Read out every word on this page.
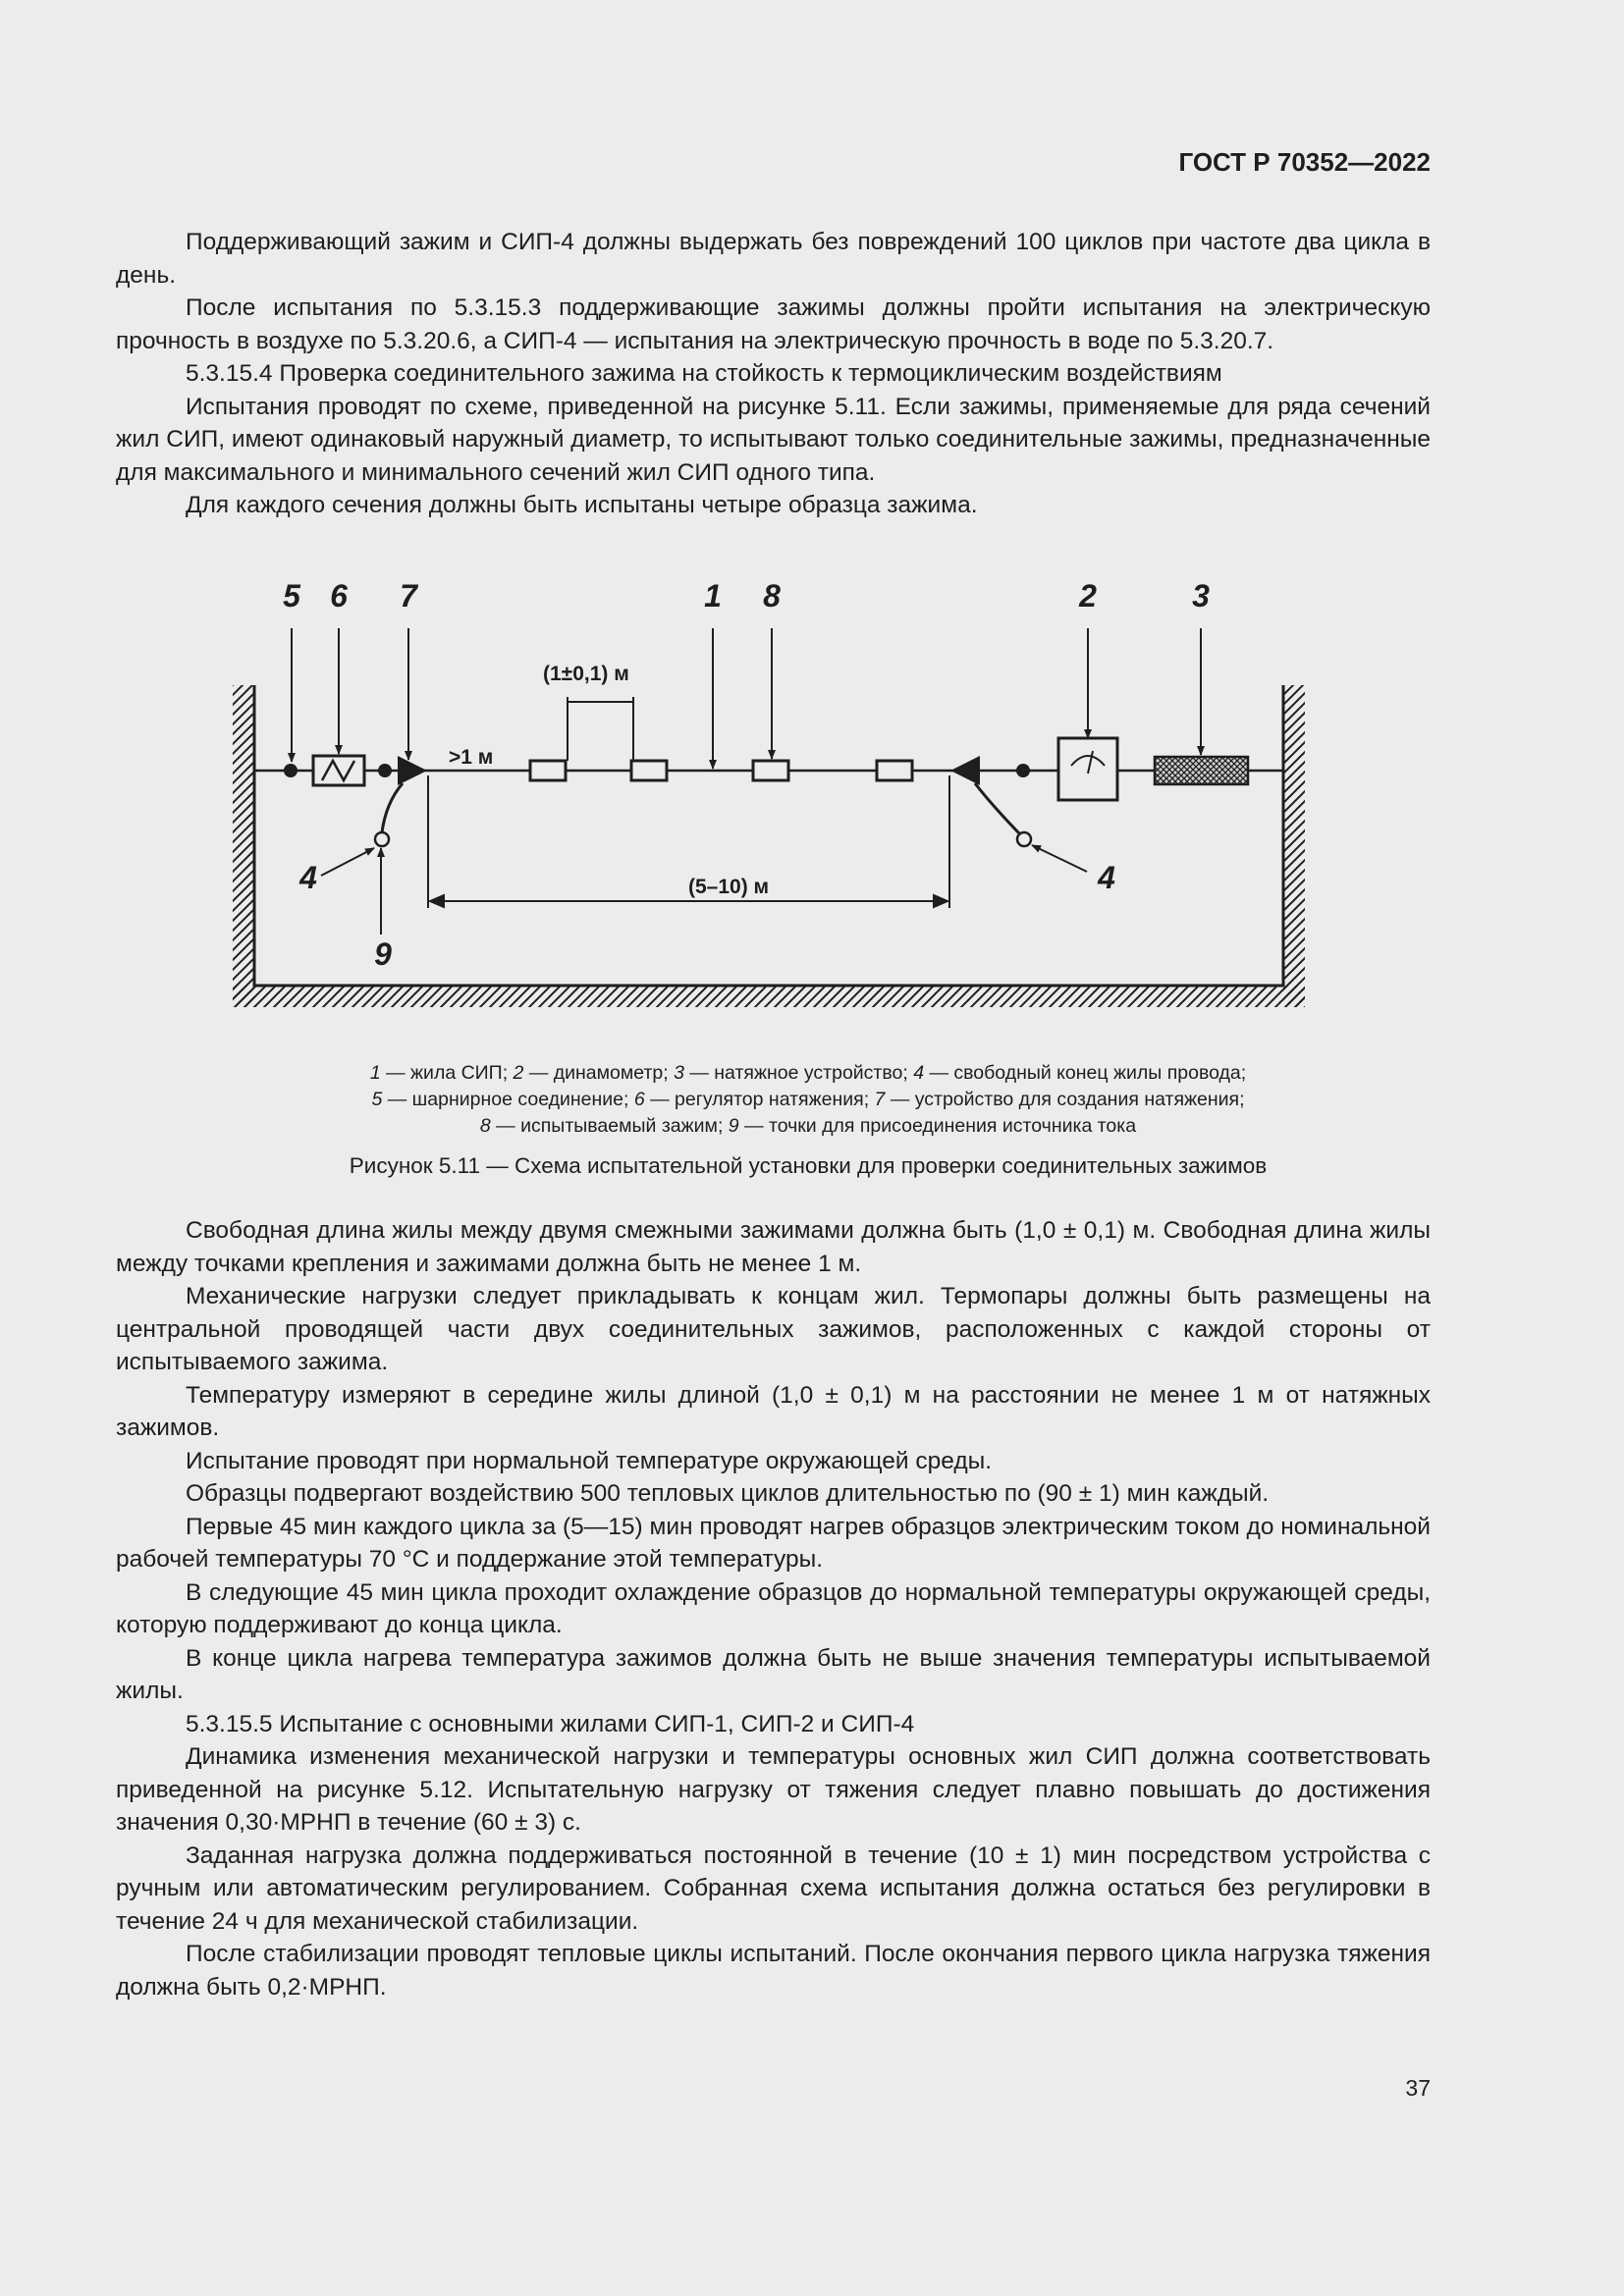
ГОСТ Р 70352—2022

Поддерживающий зажим и СИП-4 должны выдержать без повреждений 100 циклов при частоте два цикла в день.

После испытания по 5.3.15.3 поддерживающие зажимы должны пройти испытания на электрическую прочность в воздухе по 5.3.20.6, а СИП-4 — испытания на электрическую прочность в воде по 5.3.20.7.

5.3.15.4 Проверка соединительного зажима на стойкость к термоциклическим воздействиям

Испытания проводят по схеме, приведенной на рисунке 5.11. Если зажимы, применяемые для ряда сечений жил СИП, имеют одинаковый наружный диаметр, то испытывают только соединительные зажимы, предназначенные для максимального и минимального сечений жил СИП одного типа.

Для каждого сечения должны быть испытаны четыре образца зажима.

(1±0,1) м
>1 м
(5–10) м
5 6 7	1 8	2	3
4	4
9
1 — жила СИП; 2 — динамометр; 3 — натяжное устройство; 4 — свободный конец жилы провода;
5 — шарнирное соединение; 6 — регулятор натяжения; 7 — устройство для создания натяжения;
8 — испытываемый зажим; 9 — точки для присоединения источника тока
Рисунок 5.11 — Схема испытательной установки для проверки соединительных зажимов

Свободная длина жилы между двумя смежными зажимами должна быть (1,0 ± 0,1) м. Свободная длина жилы между точками крепления и зажимами должна быть не менее 1 м.

Механические нагрузки следует прикладывать к концам жил. Термопары должны быть размещены на центральной проводящей части двух соединительных зажимов, расположенных с каждой стороны от испытываемого зажима.

Температуру измеряют в середине жилы длиной (1,0 ± 0,1) м на расстоянии не менее 1 м от натяжных зажимов.

Испытание проводят при нормальной температуре окружающей среды.

Образцы подвергают воздействию 500 тепловых циклов длительностью по (90 ± 1) мин каждый.

Первые 45 мин каждого цикла за (5—15) мин проводят нагрев образцов электрическим током до номинальной рабочей температуры 70 °С и поддержание этой температуры.

В следующие 45 мин цикла проходит охлаждение образцов до нормальной температуры окружающей среды, которую поддерживают до конца цикла.

В конце цикла нагрева температура зажимов должна быть не выше значения температуры испытываемой жилы.

5.3.15.5 Испытание с основными жилами СИП-1, СИП-2 и СИП-4

Динамика изменения механической нагрузки и температуры основных жил СИП должна соответствовать приведенной на рисунке 5.12. Испытательную нагрузку от тяжения следует плавно повышать до достижения значения 0,30·МРНП в течение (60 ± 3) с.

Заданная нагрузка должна поддерживаться постоянной в течение (10 ± 1) мин посредством устройства с ручным или автоматическим регулированием. Собранная схема испытания должна остаться без регулировки в течение 24 ч для механической стабилизации.

После стабилизации проводят тепловые циклы испытаний. После окончания первого цикла нагрузка тяжения должна быть 0,2·МРНП.

37
